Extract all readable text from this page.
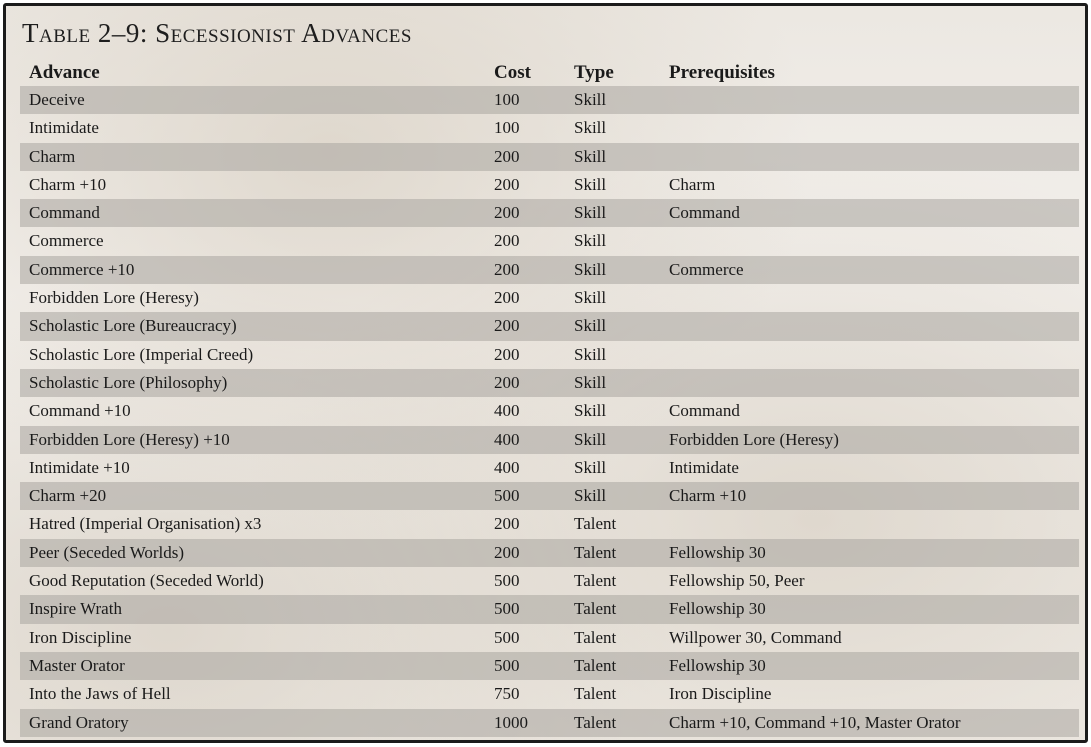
Table 2–9: Secessionist Advances
Advance	Cost Type	Prerequisites
Deceive	100	Skill
Intimidate	100	Skill
Charm	200	Skill
Charm +10	200	Skill	Charm
Command	200	Skill	Command
Commerce	200	Skill
Commerce +10	200	Skill	Commerce
Forbidden Lore (Heresy)	200	Skill
Scholastic Lore (Bureaucracy)	200	Skill
Scholastic Lore (Imperial Creed)	200	Skill
Scholastic Lore (Philosophy)	200	Skill
Command +10	400	Skill	Command
Forbidden Lore (Heresy) +10	400	Skill	Forbidden Lore (Heresy)
Intimidate +10	400	Skill	Intimidate
Charm +20	500	Skill	Charm +10
Hatred (Imperial Organisation) x3	200	Talent
Peer (Seceded Worlds)	200	Talent	Fellowship 30
Good Reputation (Seceded World)	500	Talent	Fellowship 50, Peer
Inspire Wrath	500	Talent	Fellowship 30
Iron Discipline	500	Talent	Willpower 30, Command
Master Orator	500	Talent	Fellowship 30
Into the Jaws of Hell	750	Talent	Iron Discipline
Grand Oratory	1000	Talent	Charm +10, Command +10, Master Orator
